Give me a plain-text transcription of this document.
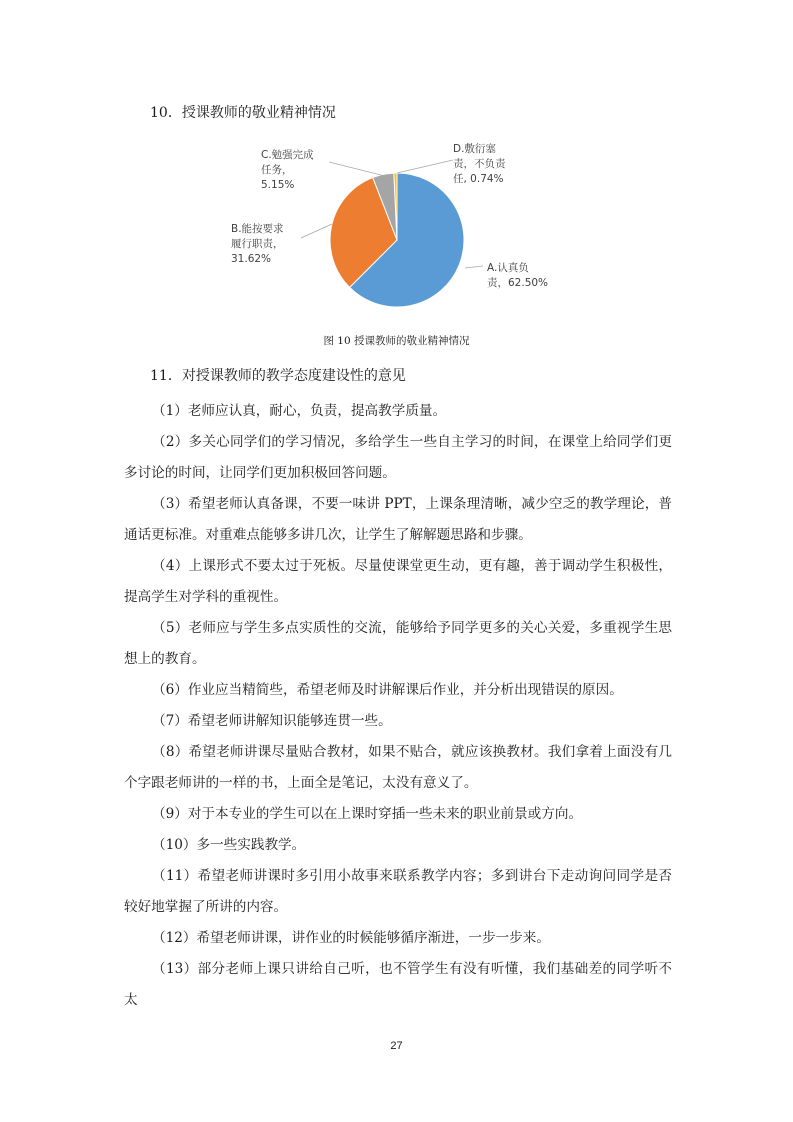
10．授课教师的敬业精神情况
A.认真负责，62.50%
B.能按要求履行职责， 31.62%
C.勉强完成任务， 5.15%
D.敷衍塞责，不负责任, 0.74%
图 10 授课教师的敬业精神情况
11．对授课教师的教学态度建设性的意见

（1）老师应认真，耐心，负责，提高教学质量。

（2）多关心同学们的学习情况，多给学生一些自主学习的时间，在课堂上给同学们更多讨论的时间，让同学们更加积极回答问题。

（3）希望老师认真备课，不要一味讲 PPT，上课条理清晰，减少空乏的教学理论，普通话更标准。对重难点能够多讲几次，让学生了解解题思路和步骤。

（4）上课形式不要太过于死板。尽量使课堂更生动，更有趣，善于调动学生积极性，提高学生对学科的重视性。

（5）老师应与学生多点实质性的交流，能够给予同学更多的关心关爱，多重视学生思想上的教育。

（6）作业应当精简些，希望老师及时讲解课后作业，并分析出现错误的原因。

（7）希望老师讲解知识能够连贯一些。

（8）希望老师讲课尽量贴合教材，如果不贴合，就应该换教材。我们拿着上面没有几个字跟老师讲的一样的书，上面全是笔记，太没有意义了。

（9）对于本专业的学生可以在上课时穿插一些未来的职业前景或方向。

（10）多一些实践教学。

（11）希望老师讲课时多引用小故事来联系教学内容；多到讲台下走动询问同学是否较好地掌握了所讲的内容。

（12）希望老师讲课，讲作业的时候能够循序渐进，一步一步来。

（13）部分老师上课只讲给自己听，也不管学生有没有听懂，我们基础差的同学听不太

27
